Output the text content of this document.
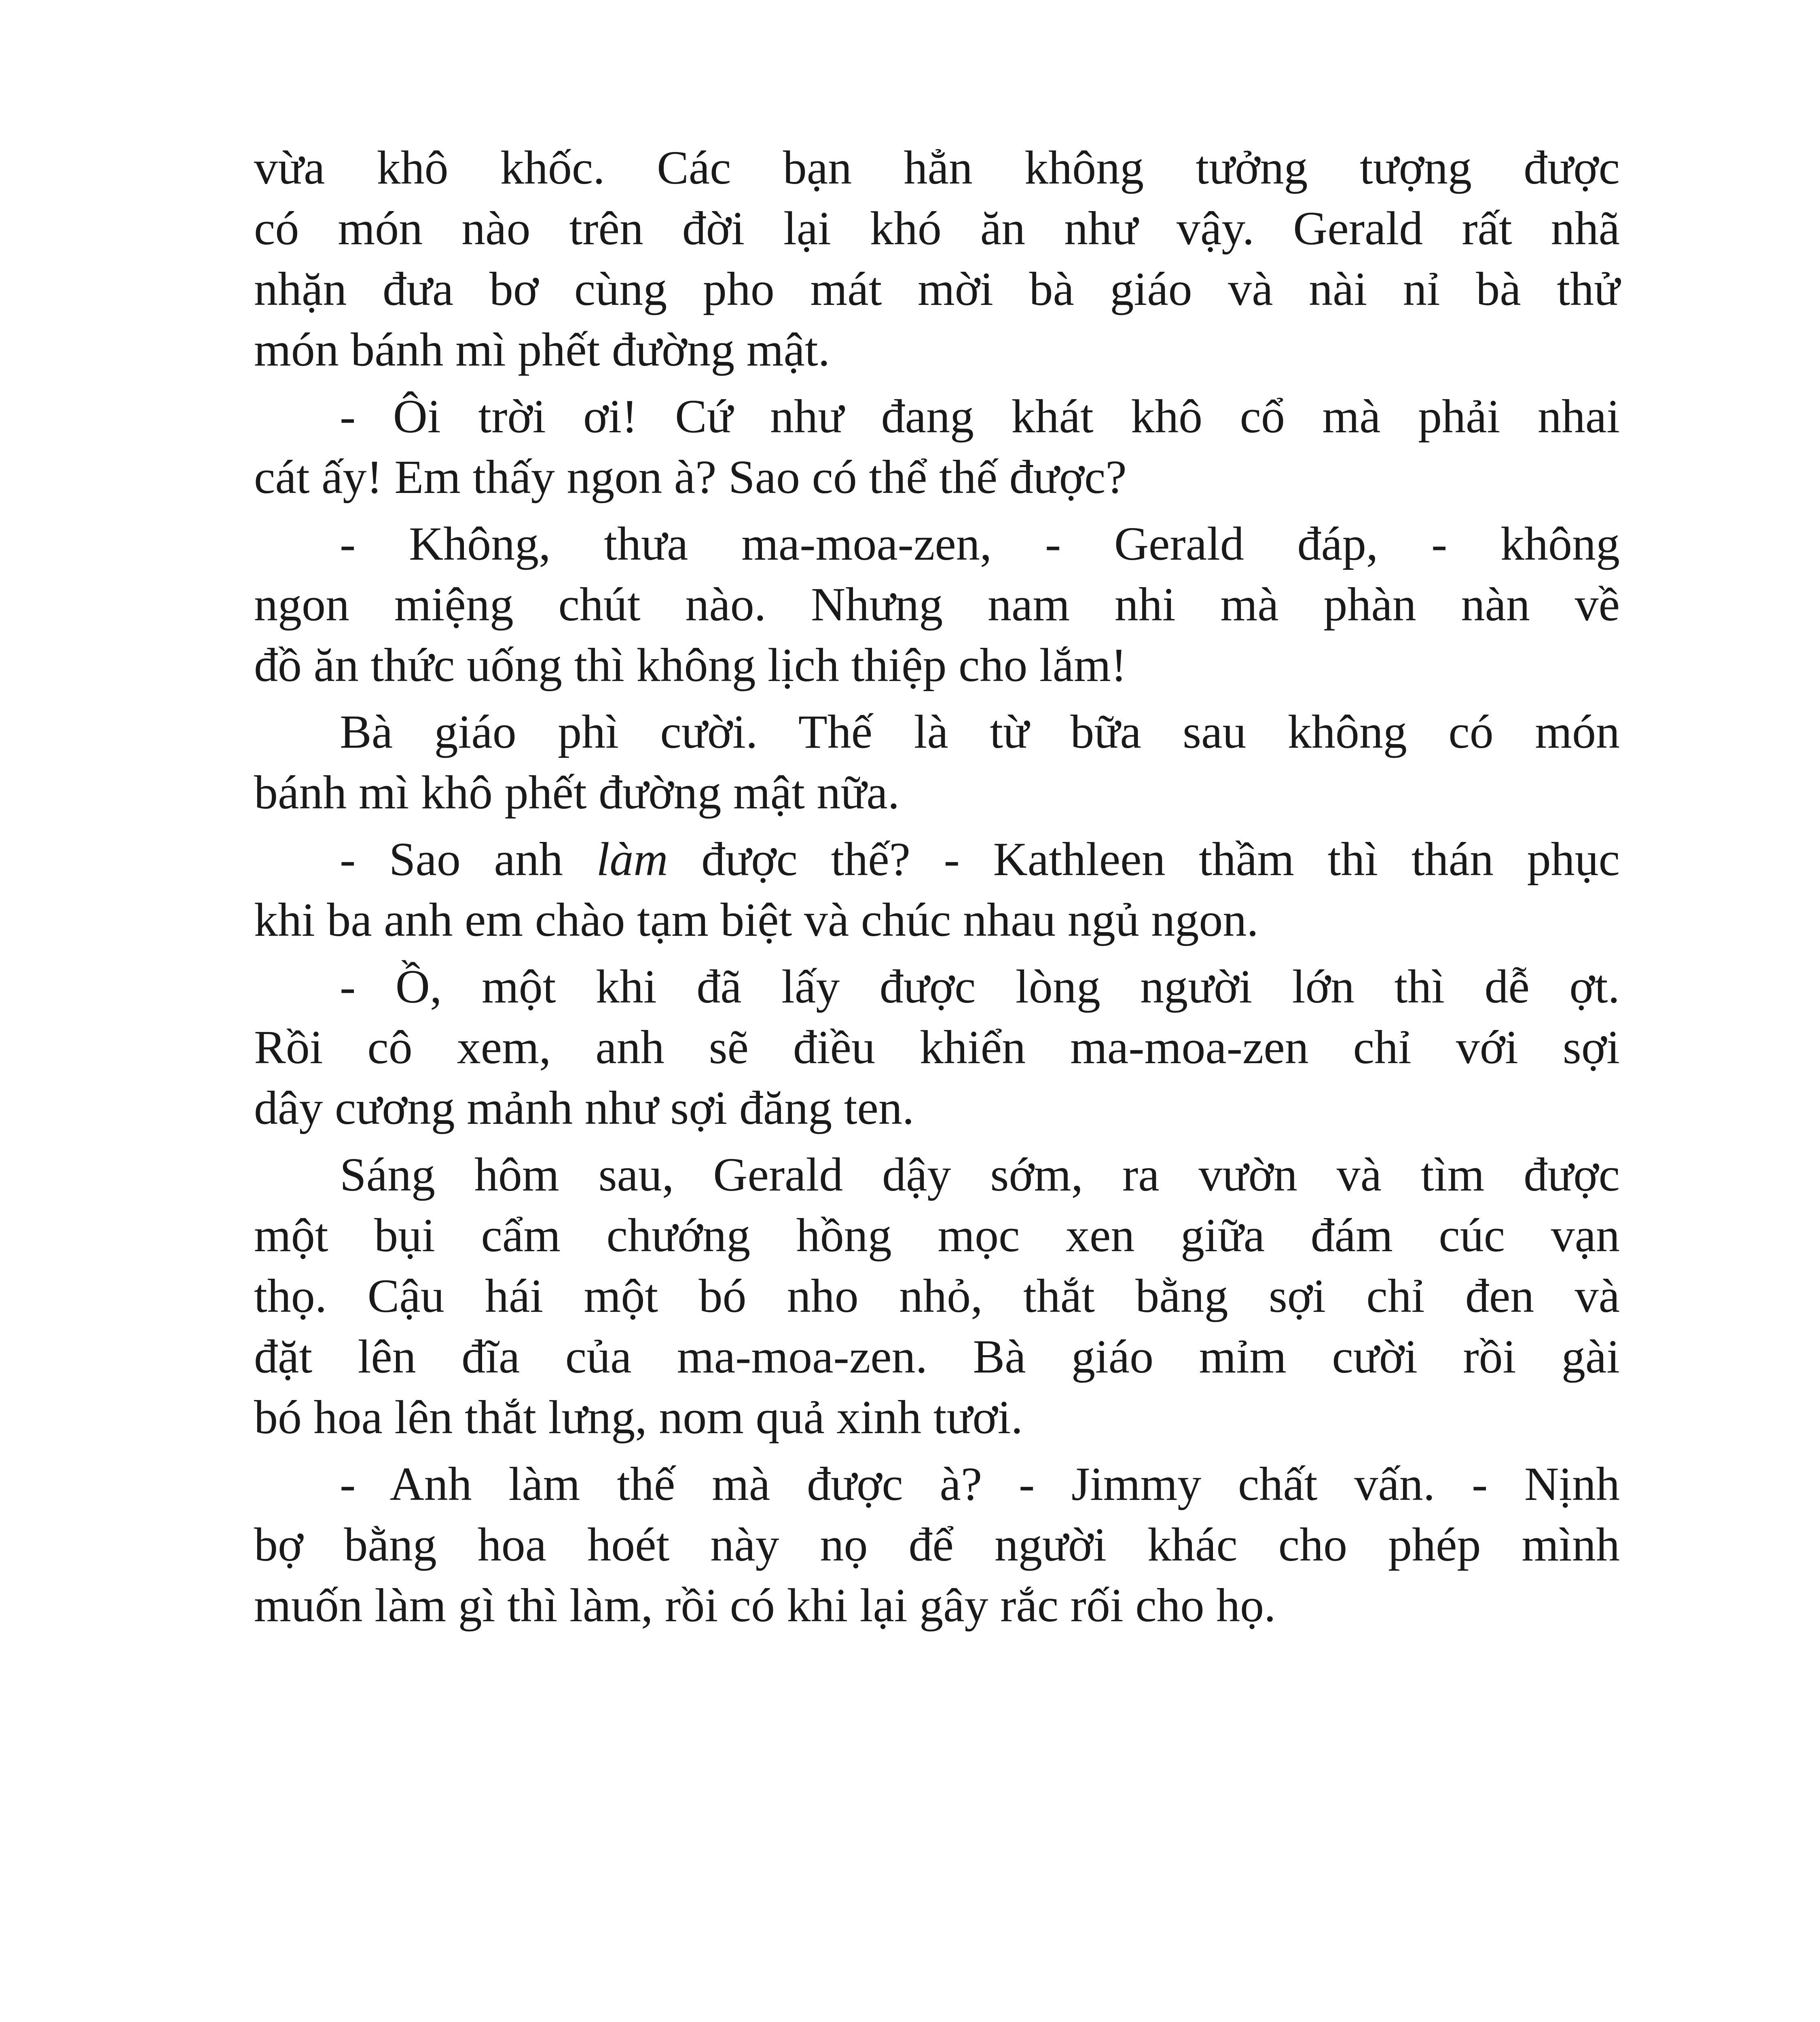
vừa khô khốc. Các bạn hẳn không tưởng tượng được
có món nào trên đời lại khó ăn như vậy. Gerald rất nhã
nhặn đưa bơ cùng pho mát mời bà giáo và nài nỉ bà thử
món bánh mì phết đường mật.
- Ôi trời ơi! Cứ như đang khát khô cổ mà phải nhai
cát ấy! Em thấy ngon à? Sao có thể thế được?
- Không, thưa ma-moa-zen, - Gerald đáp, - không
ngon miệng chút nào. Nhưng nam nhi mà phàn nàn về
đồ ăn thức uống thì không lịch thiệp cho lắm!
Bà giáo phì cười. Thế là từ bữa sau không có món
bánh mì khô phết đường mật nữa.
- Sao anh làm được thế? - Kathleen thầm thì thán phục
khi ba anh em chào tạm biệt và chúc nhau ngủ ngon.
- Ồ, một khi đã lấy được lòng người lớn thì dễ ợt.
Rồi cô xem, anh sẽ điều khiển ma-moa-zen chỉ với sợi
dây cương mảnh như sợi đăng ten.
Sáng hôm sau, Gerald dậy sớm, ra vườn và tìm được
một bụi cẩm chướng hồng mọc xen giữa đám cúc vạn
thọ. Cậu hái một bó nho nhỏ, thắt bằng sợi chỉ đen và
đặt lên đĩa của ma-moa-zen. Bà giáo mỉm cười rồi gài
bó hoa lên thắt lưng, nom quả xinh tươi.
- Anh làm thế mà được à? - Jimmy chất vấn. - Nịnh
bợ bằng hoa hoét này nọ để người khác cho phép mình
muốn làm gì thì làm, rồi có khi lại gây rắc rối cho họ.
